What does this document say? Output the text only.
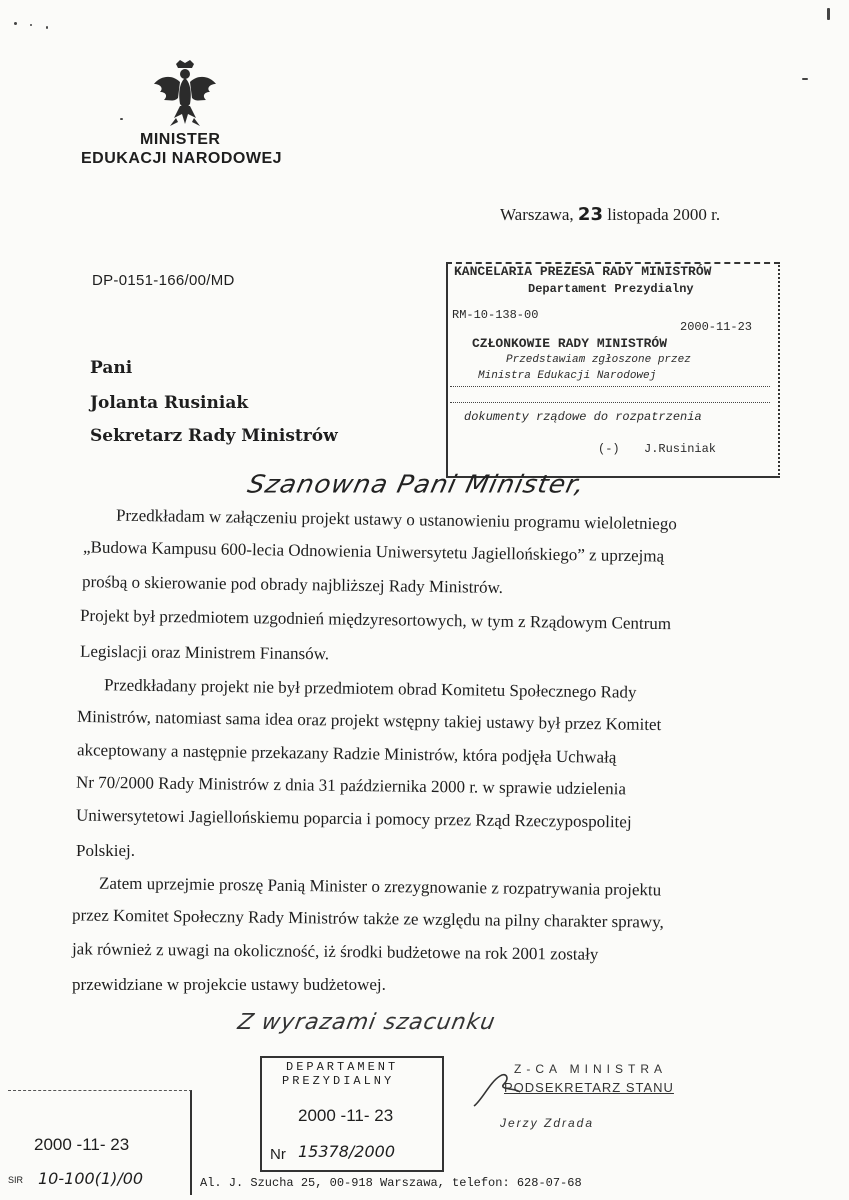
MINISTER
EDUKACJI NARODOWEJ
Warszawa, 23 listopada 2000 r.
DP-0151-166/00/MD
KANCELARIA PREZESA RADY MINISTRÓW
Departament Prezydialny
RM-10-138-00
2000-11-23
CZŁONKOWIE RADY MINISTRÓW
Przedstawiam zgłoszone przez
Ministra Edukacji Narodowej
dokumenty rządowe do rozpatrzenia
(-) J.Rusiniak
Pani
Jolanta Rusiniak
Sekretarz Rady Ministrów
Szanowna Pani Minister,
Przedkładam w załączeniu projekt ustawy o ustanowieniu programu wieloletniego
„Budowa Kampusu 600-lecia Odnowienia Uniwersytetu Jagiellońskiego” z uprzejmą
prośbą o skierowanie pod obrady najbliższej Rady Ministrów.
Projekt był przedmiotem uzgodnień międzyresortowych, w tym z Rządowym Centrum
Legislacji oraz Ministrem Finansów.
Przedkładany projekt nie był przedmiotem obrad Komitetu Społecznego Rady
Ministrów, natomiast sama idea oraz projekt wstępny takiej ustawy był przez Komitet
akceptowany a następnie przekazany Radzie Ministrów, która podjęła Uchwałą
Nr 70/2000 Rady Ministrów z dnia 31 października 2000 r. w sprawie udzielenia
Uniwersytetowi Jagiellońskiemu poparcia i pomocy przez Rząd Rzeczypospolitej
Polskiej.
Zatem uprzejmie proszę Panią Minister o zrezygnowanie z rozpatrywania projektu
przez Komitet Społeczny Rady Ministrów także ze względu na pilny charakter sprawy,
jak również z uwagi na okoliczność, iż środki budżetowe na rok 2001 zostały
przewidziane w projekcie ustawy budżetowej.
Z wyrazami szacunku
DEPARTAMENT
PREZYDIALNY
2000 -11- 23
Nr 15378/2000
Z-CA MINISTRA
PODSEKRETARZ STANU
Jerzy Zdrada
2000 -11- 23
SIR 10-100(1)/00	Al. J. Szucha 25, 00-918 Warszawa, telefon: 628-07-68
